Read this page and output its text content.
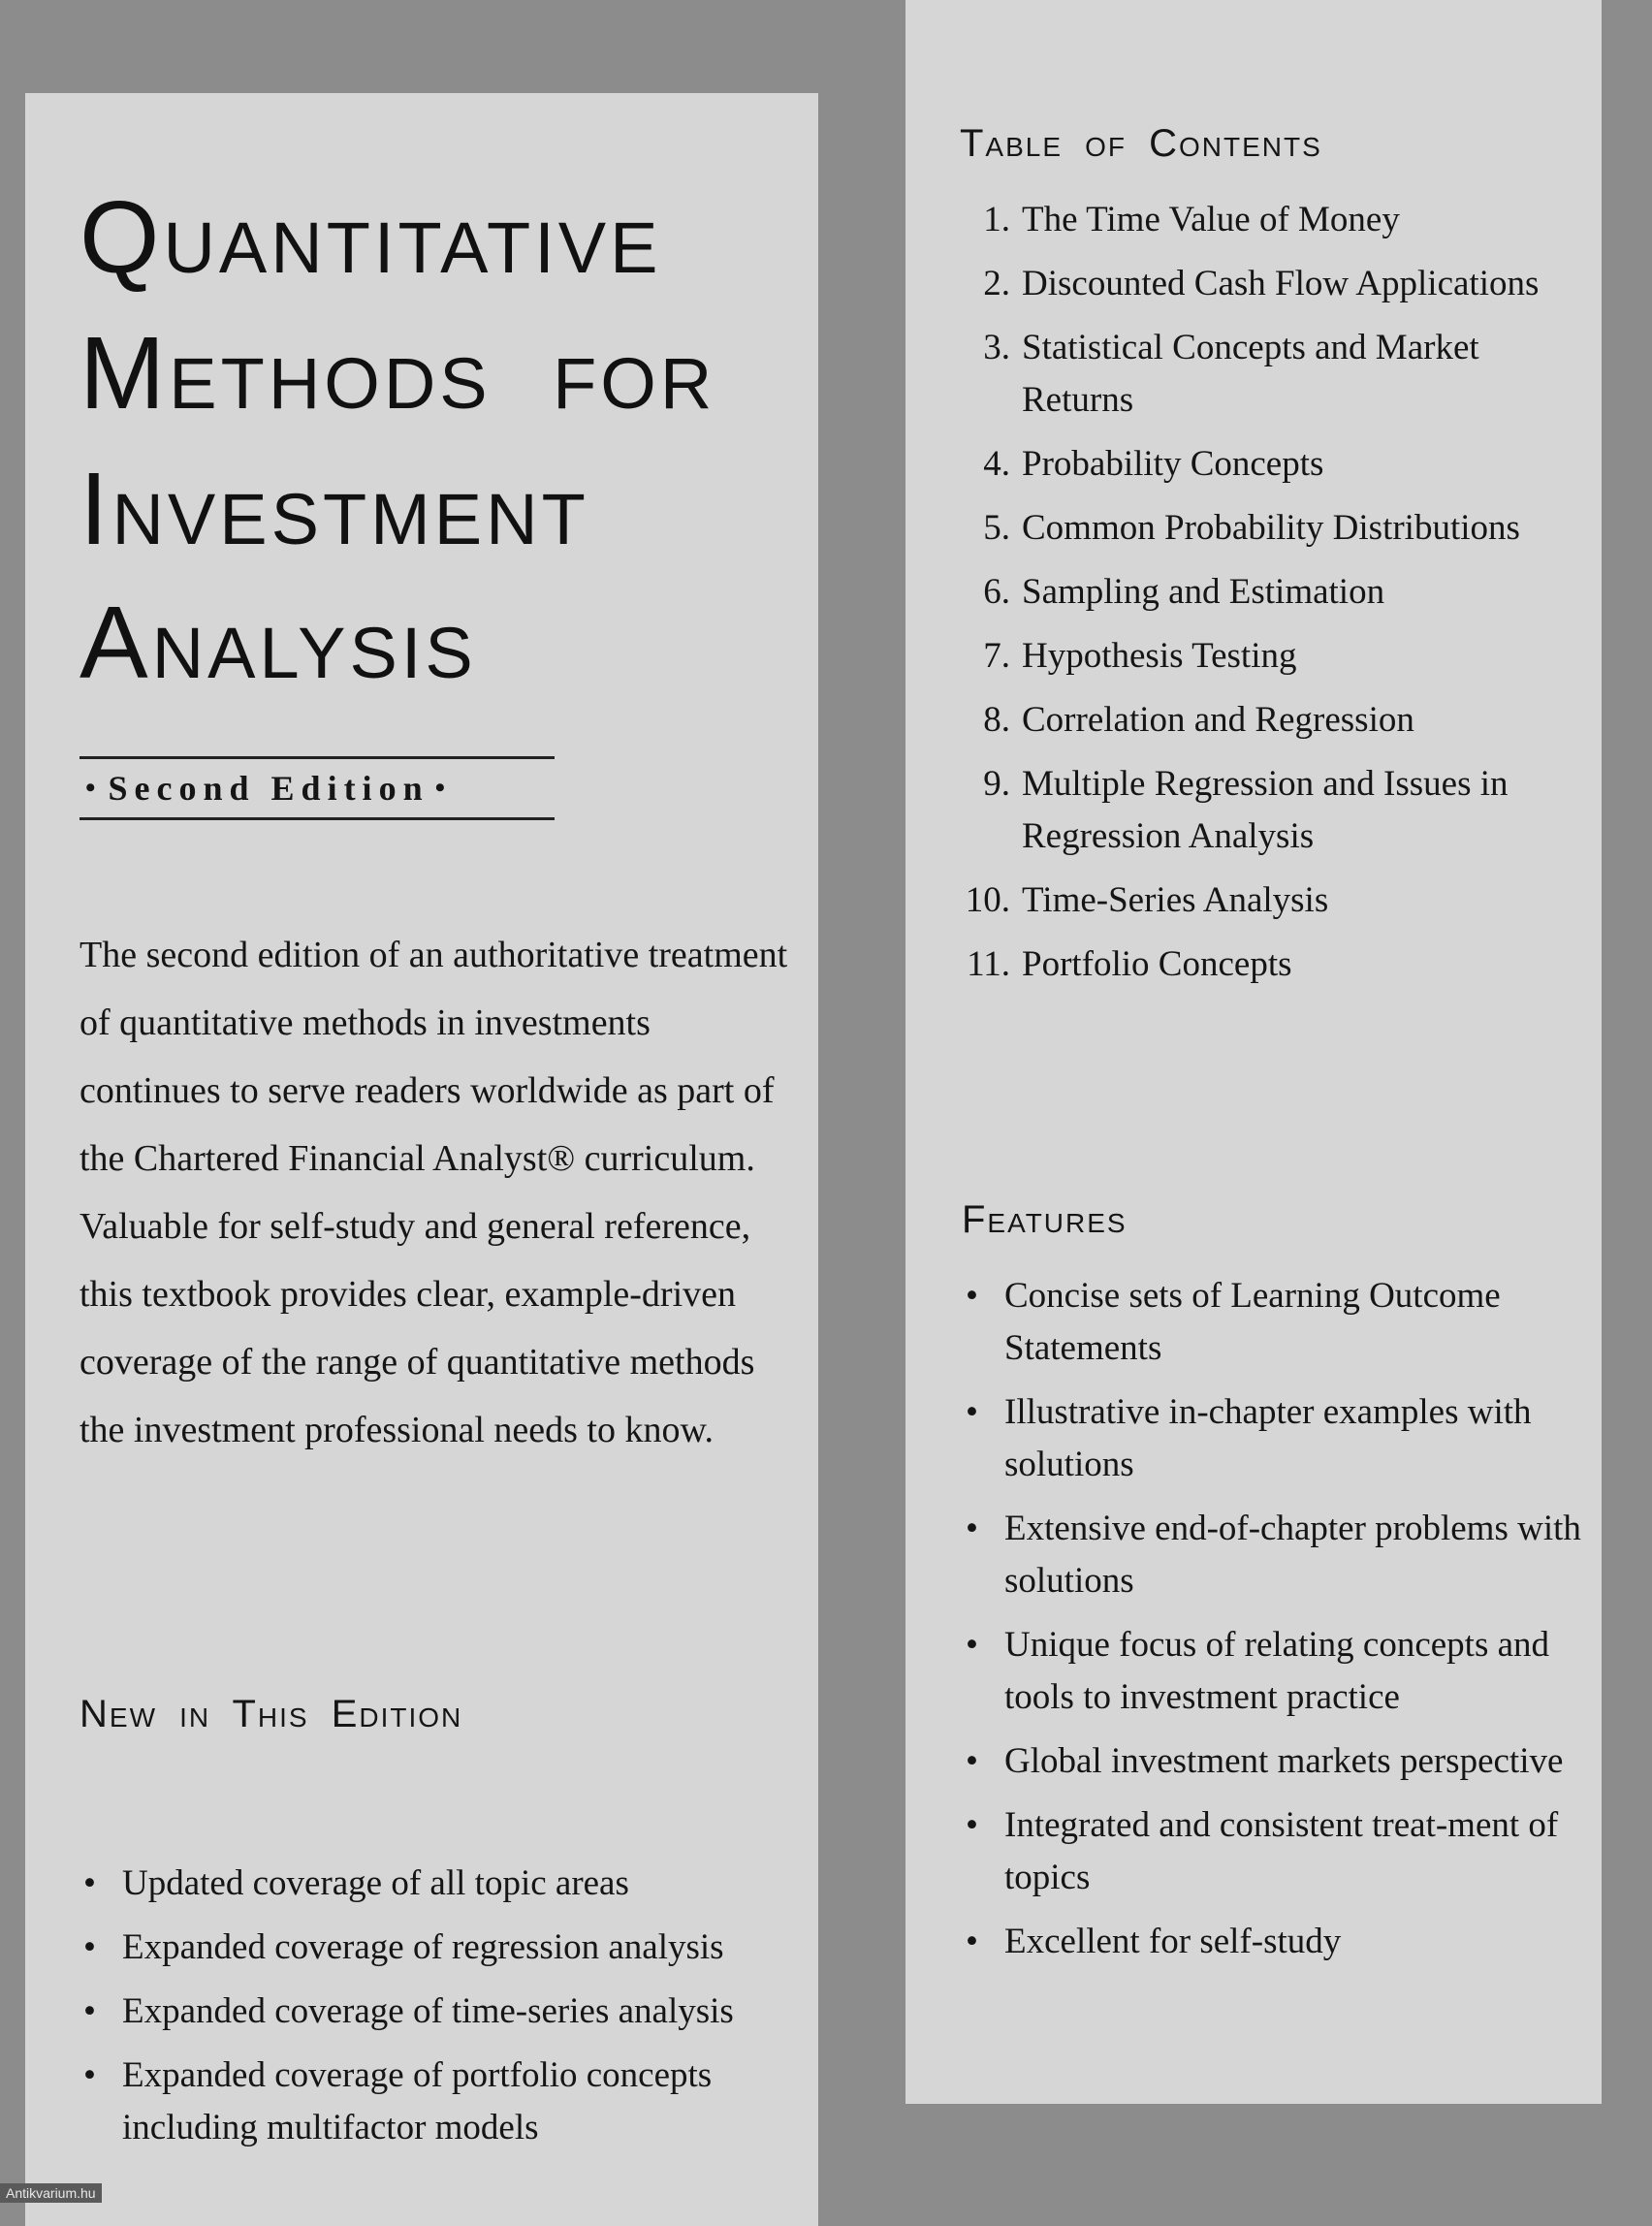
Quantitative
Methods for
Investment
Analysis
• Second Edition •

The second edition of an authoritative treatment of quantitative methods in investments continues to serve readers worldwide as part of the Chartered Financial Analyst® curriculum. Valuable for self-study and general reference, this textbook provides clear, example-driven coverage of the range of quantitative methods the investment professional needs to know.

New in This Edition
• Updated coverage of all topic areas
• Expanded coverage of regression analysis
• Expanded coverage of time-series analysis
• Expanded coverage of portfolio concepts including multifactor models
Table of Contents
1. The Time Value of Money
2. Discounted Cash Flow Applications
3. Statistical Concepts and Market Returns
4. Probability Concepts
5. Common Probability Distributions
6. Sampling and Estimation
7. Hypothesis Testing
8. Correlation and Regression
9. Multiple Regression and Issues in Regression Analysis
10. Time-Series Analysis
11. Portfolio Concepts
Features
• Concise sets of Learning Outcome Statements
• Illustrative in-chapter examples with solutions
• Extensive end-of-chapter problems with solutions
• Unique focus of relating concepts and tools to investment practice
• Global investment markets perspective
• Integrated and consistent treat-ment of topics
• Excellent for self-study
Antikvarium.hu
